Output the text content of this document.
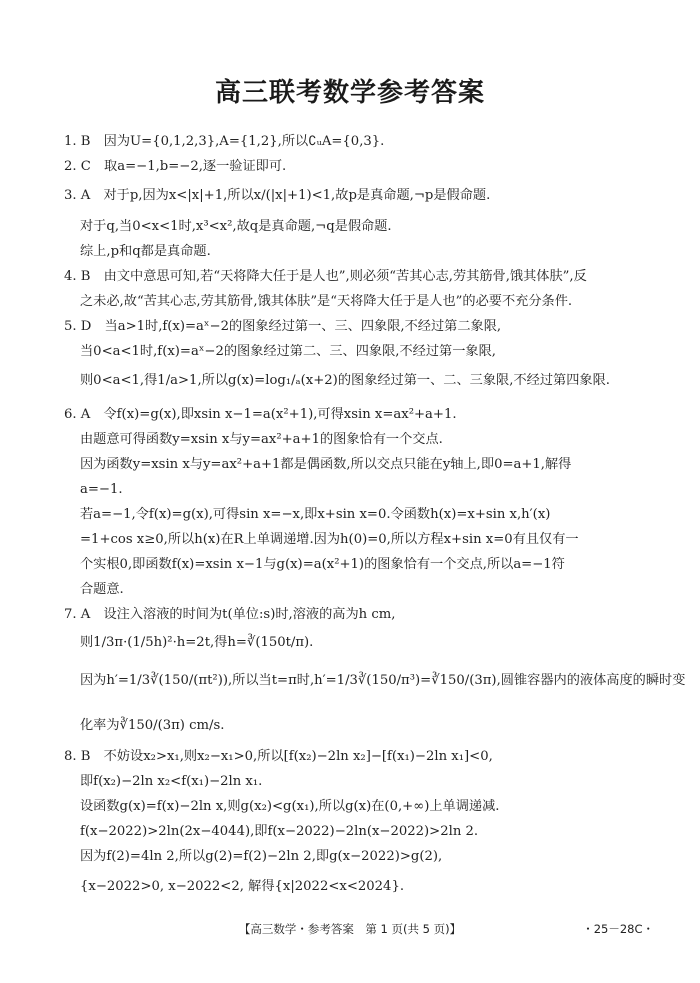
高三联考数学参考答案
1. B　因为U={0,1,2,3},A={1,2},所以∁ᵤA={0,3}.
2. C　取a=−1,b=−2,逐一验证即可.
3. A　对于p,因为x<|x|+1,所以x/(|x|+1)<1,故p是真命题,¬p是假命题.
对于q,当0<x<1时,x³<x²,故q是真命题,¬q是假命题.
综上,p和q都是真命题.
4. B　由文中意思可知,若“天将降大任于是人也”,则必须“苦其心志,劳其筋骨,饿其体肤”,反
之未必,故“苦其心志,劳其筋骨,饿其体肤”是“天将降大任于是人也”的必要不充分条件.
5. D　当a>1时,f(x)=aˣ−2的图象经过第一、三、四象限,不经过第二象限,
当0<a<1时,f(x)=aˣ−2的图象经过第二、三、四象限,不经过第一象限,
则0<a<1,得1/a>1,所以g(x)=log₁/ₐ(x+2)的图象经过第一、二、三象限,不经过第四象限.
6. A　令f(x)=g(x),即xsin x−1=a(x²+1),可得xsin x=ax²+a+1.
由题意可得函数y=xsin x与y=ax²+a+1的图象恰有一个交点.
因为函数y=xsin x与y=ax²+a+1都是偶函数,所以交点只能在y轴上,即0=a+1,解得
a=−1.
若a=−1,令f(x)=g(x),可得sin x=−x,即x+sin x=0.令函数h(x)=x+sin x,h′(x)
=1+cos x≥0,所以h(x)在R上单调递增.因为h(0)=0,所以方程x+sin x=0有且仅有一
个实根0,即函数f(x)=xsin x−1与g(x)=a(x²+1)的图象恰有一个交点,所以a=−1符
合题意.
7. A　设注入溶液的时间为t(单位:s)时,溶液的高为h cm,
则1/3π·(1/5h)²·h=2t,得h=∛(150t/π).
因为h′=1/3∛(150/(πt²)),所以当t=π时,h′=1/3∛(150/π³)=∛150/(3π),圆锥容器内的液体高度的瞬时变
化率为∛150/(3π) cm/s.
8. B　不妨设x₂>x₁,则x₂−x₁>0,所以[f(x₂)−2ln x₂]−[f(x₁)−2ln x₁]<0,
即f(x₂)−2ln x₂<f(x₁)−2ln x₁.
设函数g(x)=f(x)−2ln x,则g(x₂)<g(x₁),所以g(x)在(0,+∞)上单调递减.
f(x−2022)>2ln(2x−4044),即f(x−2022)−2ln(x−2022)>2ln 2.
因为f(2)=4ln 2,所以g(2)=f(2)−2ln 2,即g(x−2022)>g(2),
{x−2022>0, x−2022<2, 解得{x|2022<x<2024}.
【高三数学・参考答案　第 1 页(共 5 页)】	・25－28C・
